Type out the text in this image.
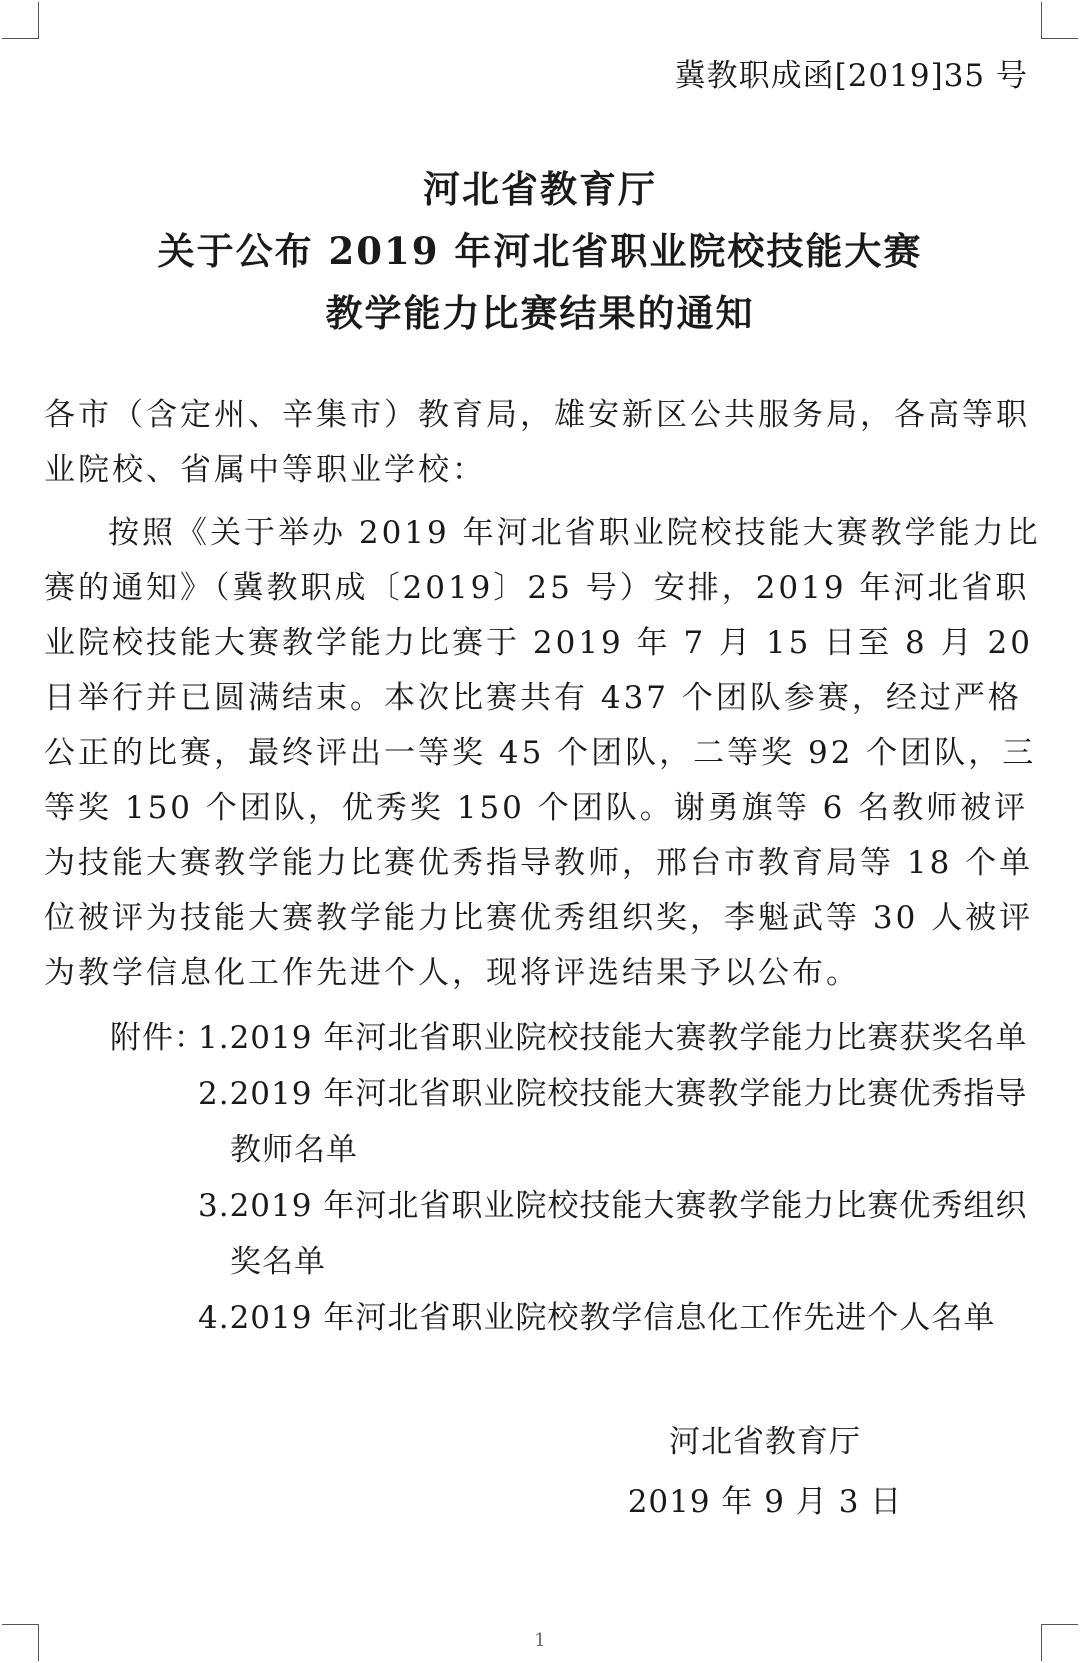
冀教职成函[2019]35 号
河北省教育厅
关于公布 2019 年河北省职业院校技能大赛
教学能力比赛结果的通知

各市（含定州、辛集市）教育局，雄安新区公共服务局，各高等职业院校、省属中等职业学校：

按照《关于举办 2019 年河北省职业院校技能大赛教学能力比赛的通知》（冀教职成〔2019〕25 号）安排，2019 年河北省职业院校技能大赛教学能力比赛于 2019 年 7 月 15 日至 8 月 20 日举行并已圆满结束。本次比赛共有 437 个团队参赛，经过严格公正的比赛，最终评出一等奖 45 个团队，二等奖 92 个团队，三等奖 150 个团队，优秀奖 150 个团队。谢勇旗等 6 名教师被评为技能大赛教学能力比赛优秀指导教师，邢台市教育局等 18 个单位被评为技能大赛教学能力比赛优秀组织奖，李魁武等 30 人被评为教学信息化工作先进个人，现将评选结果予以公布。

附件：1.2019 年河北省职业院校技能大赛教学能力比赛获奖名单
2.2019 年河北省职业院校技能大赛教学能力比赛优秀指导
教师名单
3.2019 年河北省职业院校技能大赛教学能力比赛优秀组织
奖名单
4.2019 年河北省职业院校教学信息化工作先进个人名单
河北省教育厅
2019 年 9 月 3 日
1
